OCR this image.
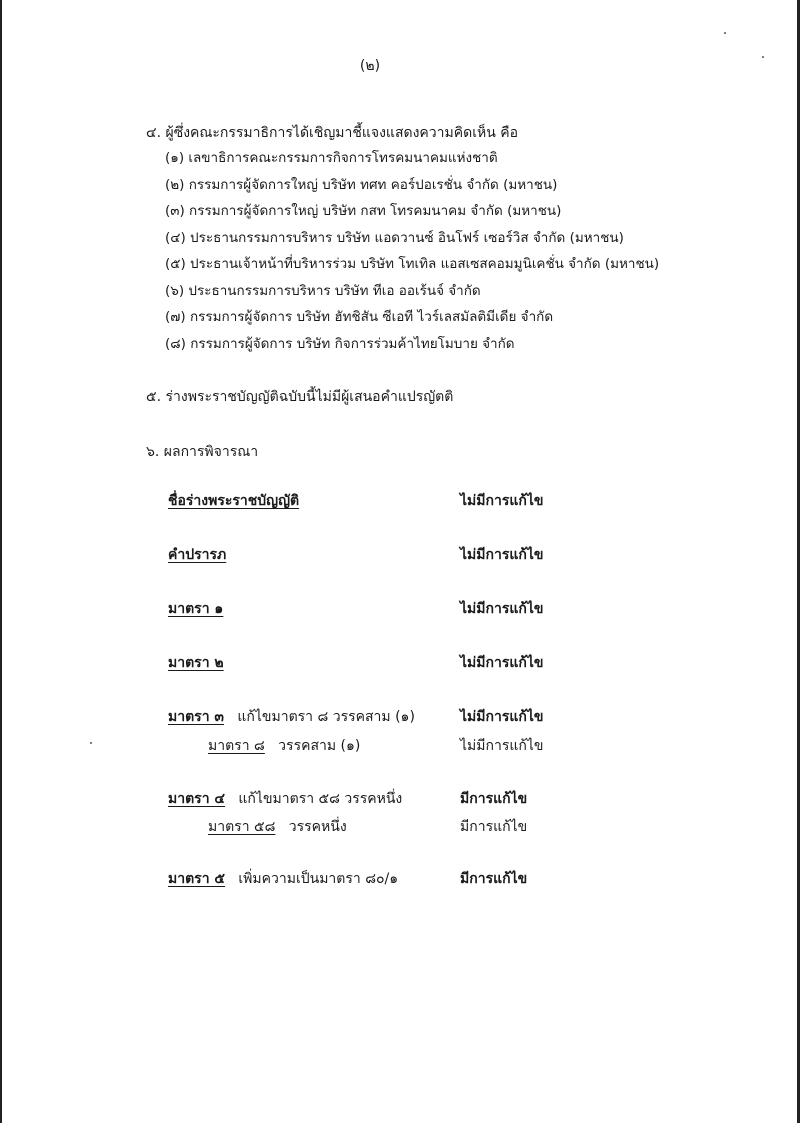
(๒)
๔. ผู้ซึ่งคณะกรรมาธิการได้เชิญมาชี้แจงแสดงความคิดเห็น คือ
(๑) เลขาธิการคณะกรรมการกิจการโทรคมนาคมแห่งชาติ
(๒) กรรมการผู้จัดการใหญ่ บริษัท ทศท คอร์ปอเรชั่น จำกัด (มหาชน)
(๓) กรรมการผู้จัดการใหญ่ บริษัท กสท โทรคมนาคม จำกัด (มหาชน)
(๔) ประธานกรรมการบริหาร บริษัท แอดวานซ์ อินโฟร์ เซอร์วิส จำกัด (มหาชน)
(๕) ประธานเจ้าหน้าที่บริหารร่วม บริษัท โทเทิล แอสเซสคอมมูนิเคชั่น จำกัด (มหาชน)
(๖) ประธานกรรมการบริหาร บริษัท ทีเอ ออเร้นจ์ จำกัด
(๗) กรรมการผู้จัดการ บริษัท ฮัทชิสัน ซีเอที ไวร์เลสมัลติมีเดีย จำกัด
(๘) กรรมการผู้จัดการ บริษัท กิจการร่วมค้าไทยโมบาย จำกัด
๕. ร่างพระราชบัญญัติฉบับนี้ไม่มีผู้เสนอคำแปรญัตติ
๖. ผลการพิจารณา
ชื่อร่างพระราชบัญญัติ	ไม่มีการแก้ไข
คำปรารภ	ไม่มีการแก้ไข
มาตรา ๑	ไม่มีการแก้ไข
มาตรา ๒	ไม่มีการแก้ไข
มาตรา ๓   แก้ไขมาตรา ๘ วรรคสาม (๑)	ไม่มีการแก้ไข
มาตรา ๘   วรรคสาม (๑)	ไม่มีการแก้ไข
มาตรา ๔   แก้ไขมาตรา ๕๘ วรรคหนึ่ง	มีการแก้ไข
มาตรา ๕๘   วรรคหนึ่ง	มีการแก้ไข
มาตรา ๕   เพิ่มความเป็นมาตรา ๘๐/๑	มีการแก้ไข
